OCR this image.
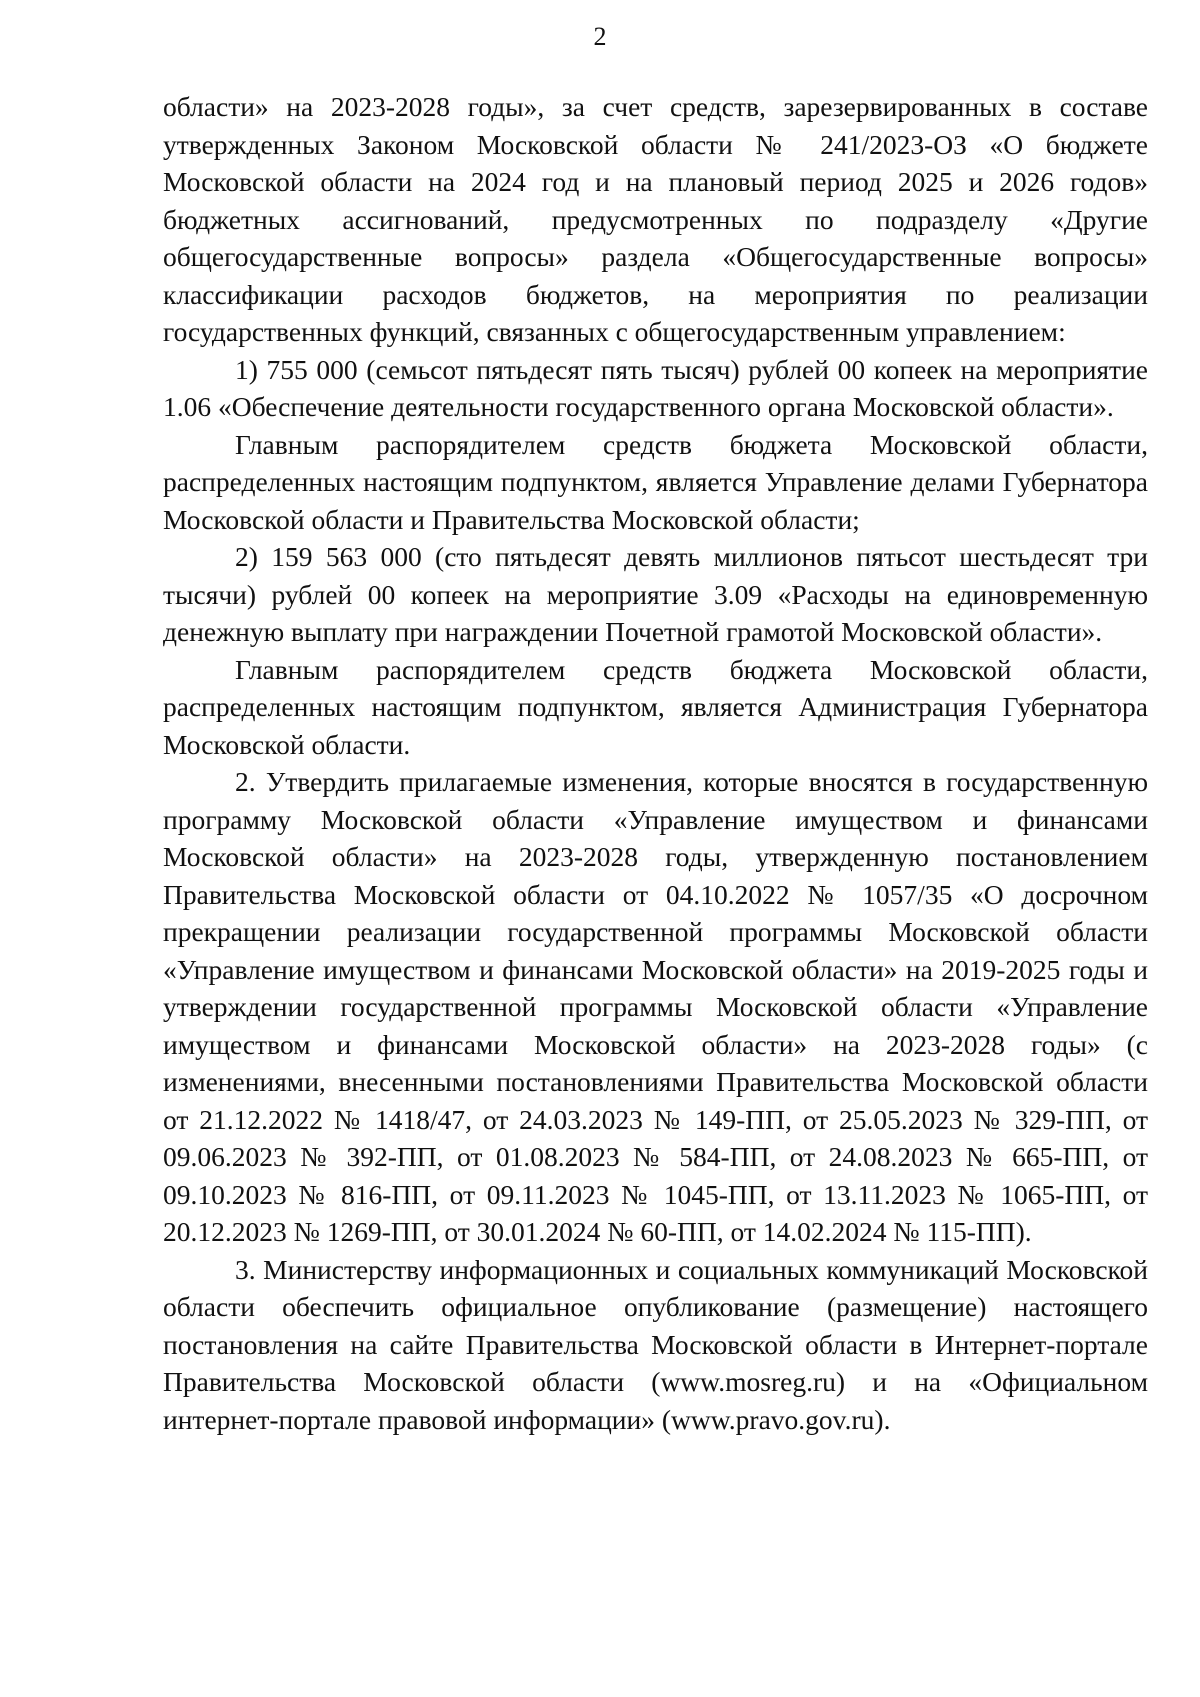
2

области» на 2023-2028 годы», за счет средств, зарезервированных в составе утвержденных Законом Московской области № 241/2023-ОЗ «О бюджете Московской области на 2024 год и на плановый период 2025 и 2026 годов» бюджетных ассигнований, предусмотренных по подразделу «Другие общегосударственные вопросы» раздела «Общегосударственные вопросы» классификации расходов бюджетов, на мероприятия по реализации государственных функций, связанных с общегосударственным управлением:

1) 755 000 (семьсот пятьдесят пять тысяч) рублей 00 копеек на мероприятие 1.06 «Обеспечение деятельности государственного органа Московской области».

Главным распорядителем средств бюджета Московской области, распределенных настоящим подпунктом, является Управление делами Губернатора Московской области и Правительства Московской области;

2) 159 563 000 (сто пятьдесят девять миллионов пятьсот шестьдесят три тысячи) рублей 00 копеек на мероприятие 3.09 «Расходы на единовременную денежную выплату при награждении Почетной грамотой Московской области».

Главным распорядителем средств бюджета Московской области, распределенных настоящим подпунктом, является Администрация Губернатора Московской области.

2. Утвердить прилагаемые изменения, которые вносятся в государственную программу Московской области «Управление имуществом и финансами Московской области» на 2023-2028 годы, утвержденную постановлением Правительства Московской области от 04.10.2022 № 1057/35 «О досрочном прекращении реализации государственной программы Московской области «Управление имуществом и финансами Московской области» на 2019-2025 годы и утверждении государственной программы Московской области «Управление имуществом и финансами Московской области» на 2023-2028 годы» (с изменениями, внесенными постановлениями Правительства Московской области от 21.12.2022 № 1418/47, от 24.03.2023 № 149-ПП, от 25.05.2023 № 329-ПП, от 09.06.2023 № 392-ПП, от 01.08.2023 № 584-ПП, от 24.08.2023 № 665-ПП, от 09.10.2023 № 816-ПП, от 09.11.2023 № 1045-ПП, от 13.11.2023 № 1065-ПП, от 20.12.2023 № 1269-ПП, от 30.01.2024 № 60-ПП, от 14.02.2024 № 115-ПП).

3. Министерству информационных и социальных коммуникаций Московской области обеспечить официальное опубликование (размещение) настоящего постановления на сайте Правительства Московской области в Интернет-портале Правительства Московской области (www.mosreg.ru) и на «Официальном интернет-портале правовой информации» (www.pravo.gov.ru).
